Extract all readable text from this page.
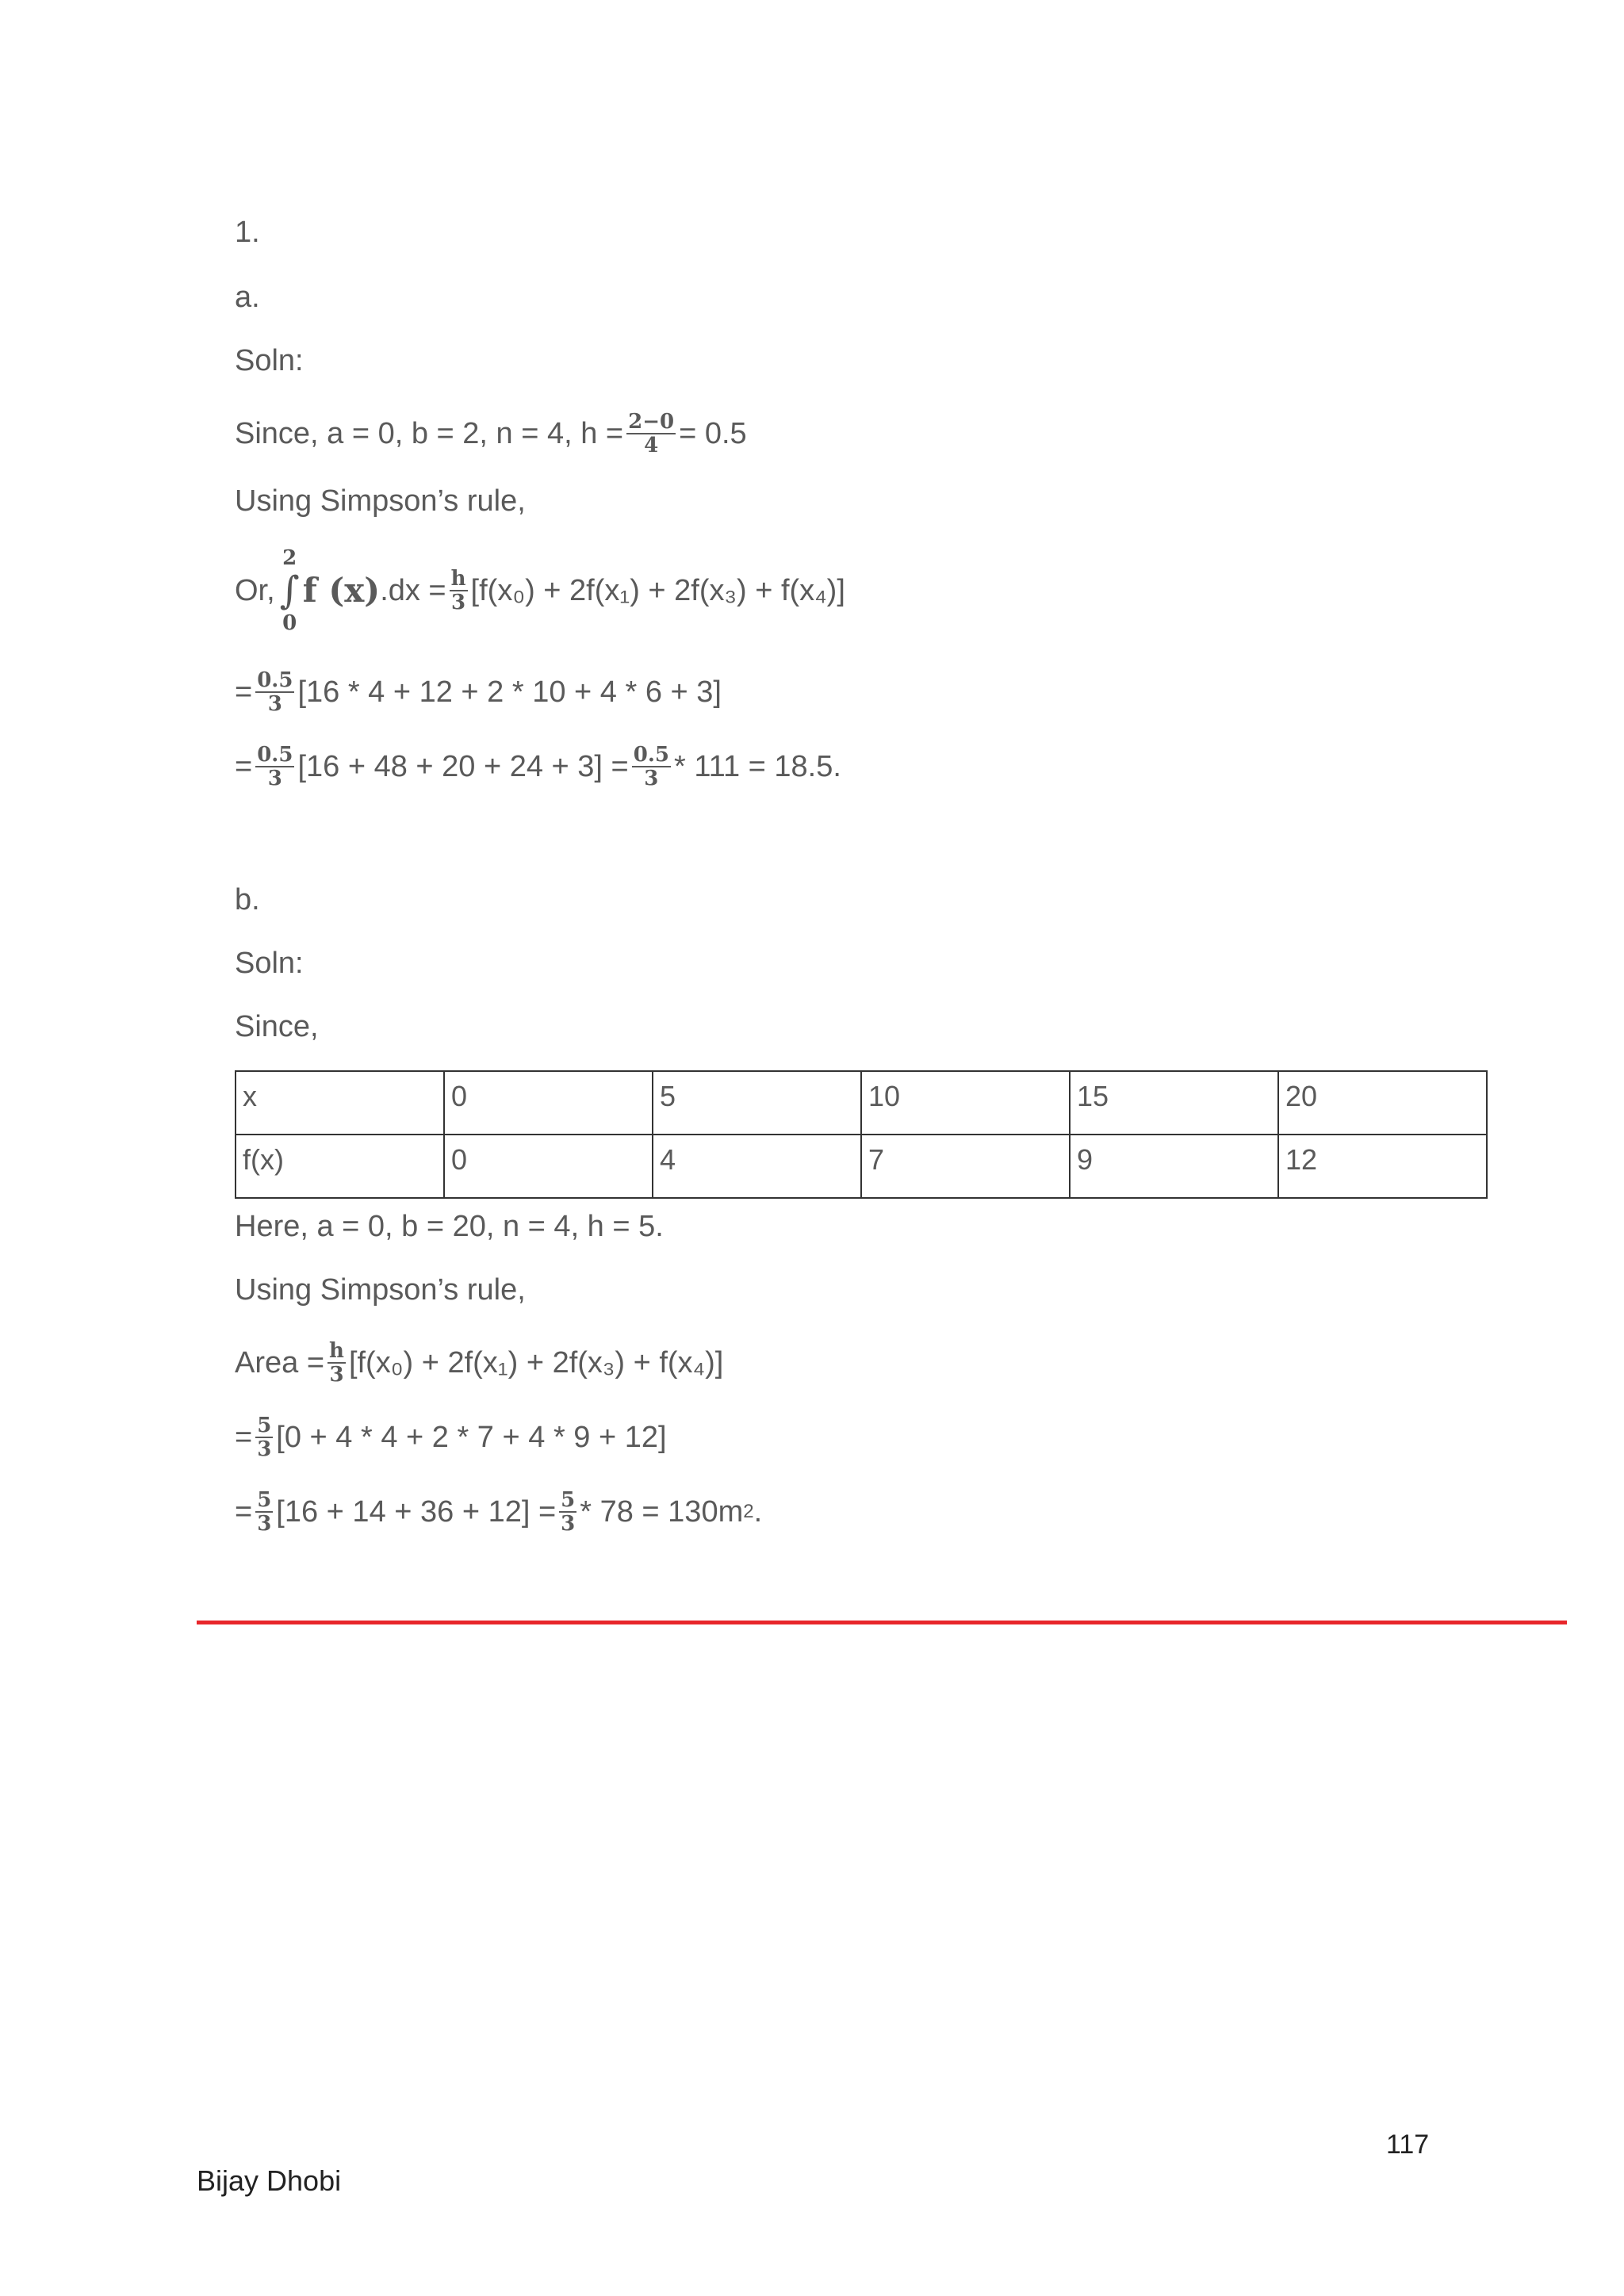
1.
a.
Soln:
Since, a = 0, b = 2, n = 4, $h = \frac{2-0}{4} = 0.5$
Using Simpson’s rule,
Or,
2
∫
0
f (x) $.dx = \frac{h}{3} [f(x_0) + 2f(x_1) + 2f(x_3) + f(x_4)]$
= $\frac{0.5}{3} [16 * 4 + 12 + 2 * 10 + 4 * 6 + 3]$
= $\frac{0.5}{3} [16 + 48 + 20 + 24 + 3] = \frac{0.5}{3} * 111 = 18.5$.
b.
Soln:
Since,
x	0	5	10	15	20
f(x)	0	4	7	9	12
Here, a = 0, b = 20, n = 4, h = 5.
Using Simpson’s rule,
Area = $\frac{h}{3} [f(x_0) + 2f(x_1) + 2f(x_3) + f(x_4)]$
= $\frac{5}{3} [0 + 4 * 4 + 2 * 7 + 4 * 9 + 12]$
= $\frac{5}{3} [16 + 14 + 36 + 12] = \frac{5}{3} * 78 = 130m$ 2 .
117
Bijay Dhobi
